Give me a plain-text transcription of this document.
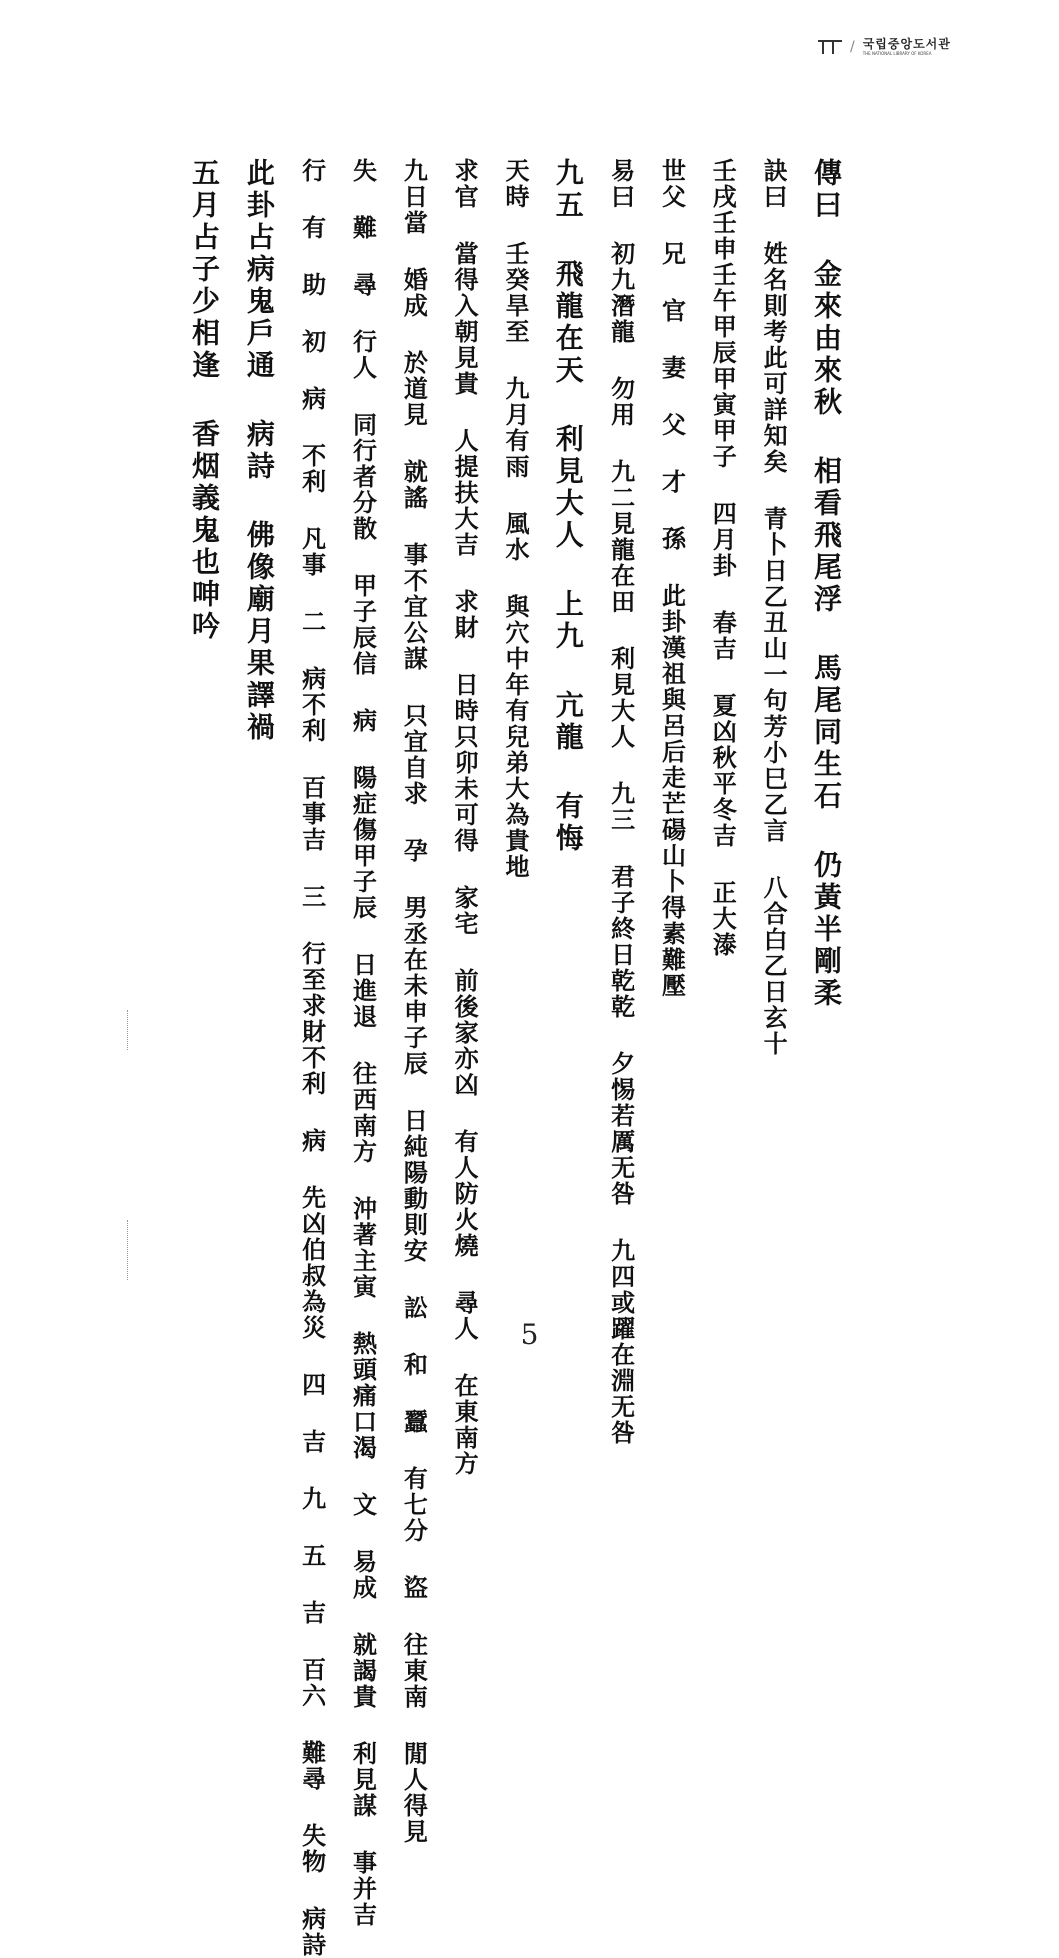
/ 국립중앙도서관
THE NATIONAL LIBRARY OF KOREA
傳曰 金來由來秋 相看飛尾浮 馬尾同生石 仍黃半剛柔
訣曰 姓名則考此可詳知矣 青卜日乙丑山一句芳小巳乙言 八合白乙日玄十
壬戌壬申壬午甲辰甲寅甲子 四月卦 春吉 夏凶秋平冬吉 正大溙
世父 兄 官 妻 父 才 孫 此卦漢祖與呂后走芒碭山卜得素難壓
易曰 初九潛龍 勿用 九二見龍在田 利見大人 九三 君子終日乾乾 夕惕若厲无咎 九四或躍在淵无咎
九五 飛龍在天 利見大人 上九 亢龍 有悔
天時 壬癸旱至 九月有雨 風水 與穴中年有兒弟大為貴地
求官 當得入朝見貴 人提扶大吉 求財 日時只卯未可得 家宅 前後家亦凶 有人防火燒 尋人 在東南方
九日當 婚成 於道見 就謠 事不宜公謀 只宜自求 孕 男丞在未申子辰 日純陽動則安 訟 和 蠶 有七分 盜 往東南 閒人得見
失 難 尋 行人 同行者分散 甲子辰信 病 陽症傷甲子辰 日進退 往西南方 沖著主寅 熱頭痛口渴 文 易成 就謁貴 利見謀 事并吉
行 有 助 初 病 不利 凡事 二 病不利 百事吉 三 行至求財不利 病 先凶伯叔為災 四 吉 九 五 吉 百六 難尋 失物 病詩
此卦占病鬼戶通 病詩 佛像廟月果譯禍
五月占子少相逢 香烟義鬼也呻吟
5
